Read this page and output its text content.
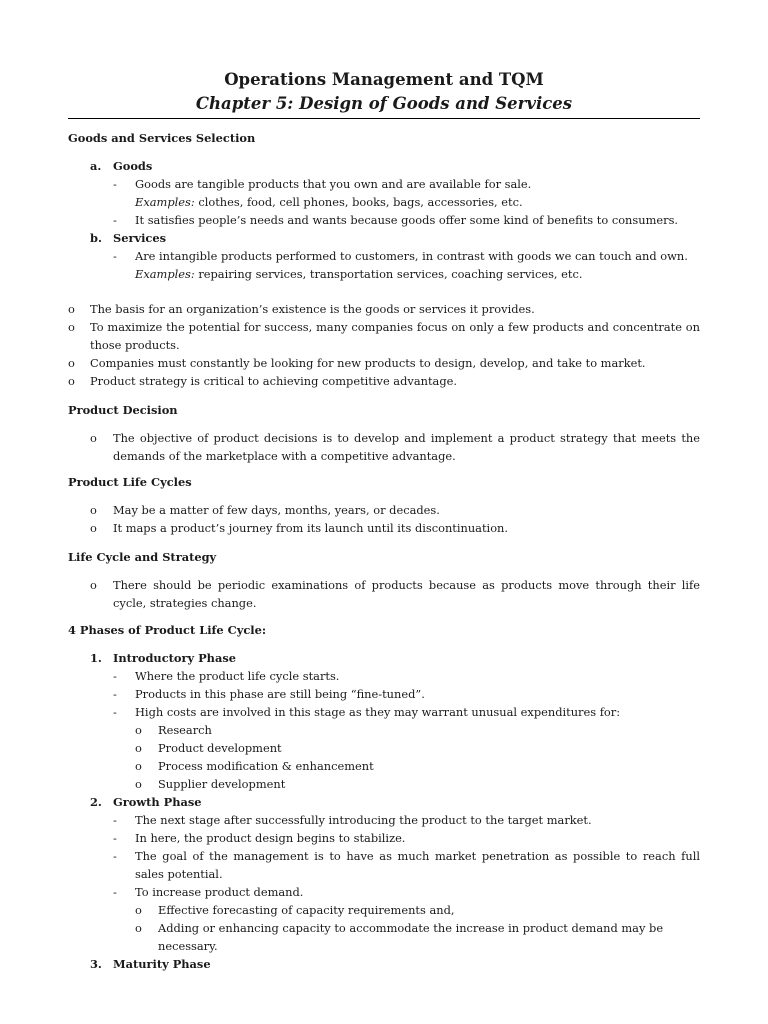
Operations Management and TQM
Chapter 5: Design of Goods and Services
Goods and Services Selection
a. Goods
- Goods are tangible products that you own and are available for sale.
Examples: clothes, food, cell phones, books, bags, accessories, etc.
- It satisfies people’s needs and wants because goods offer some kind of benefits to consumers.
b. Services
- Are intangible products performed to customers, in contrast with goods we can touch and own.
Examples: repairing services, transportation services, coaching services, etc.
o The basis for an organization’s existence is the goods or services it provides.
o To maximize the potential for success, many companies focus on only a few products and concentrate on those products.
o Companies must constantly be looking for new products to design, develop, and take to market.
o Product strategy is critical to achieving competitive advantage.
Product Decision
o The objective of product decisions is to develop and implement a product strategy that meets the demands of the marketplace with a competitive advantage.
Product Life Cycles
o May be a matter of few days, months, years, or decades.
o It maps a product’s journey from its launch until its discontinuation.
Life Cycle and Strategy
o There should be periodic examinations of products because as products move through their life cycle, strategies change.
4 Phases of Product Life Cycle:
1. Introductory Phase
- Where the product life cycle starts.
- Products in this phase are still being “fine-tuned”.
- High costs are involved in this stage as they may warrant unusual expenditures for:
o Research
o Product development
o Process modification & enhancement
o Supplier development
2. Growth Phase
- The next stage after successfully introducing the product to the target market.
- In here, the product design begins to stabilize.
- The goal of the management is to have as much market penetration as possible to reach full sales potential.
- To increase product demand.
o Effective forecasting of capacity requirements and,
o Adding or enhancing capacity to accommodate the increase in product demand may be necessary.
3. Maturity Phase
